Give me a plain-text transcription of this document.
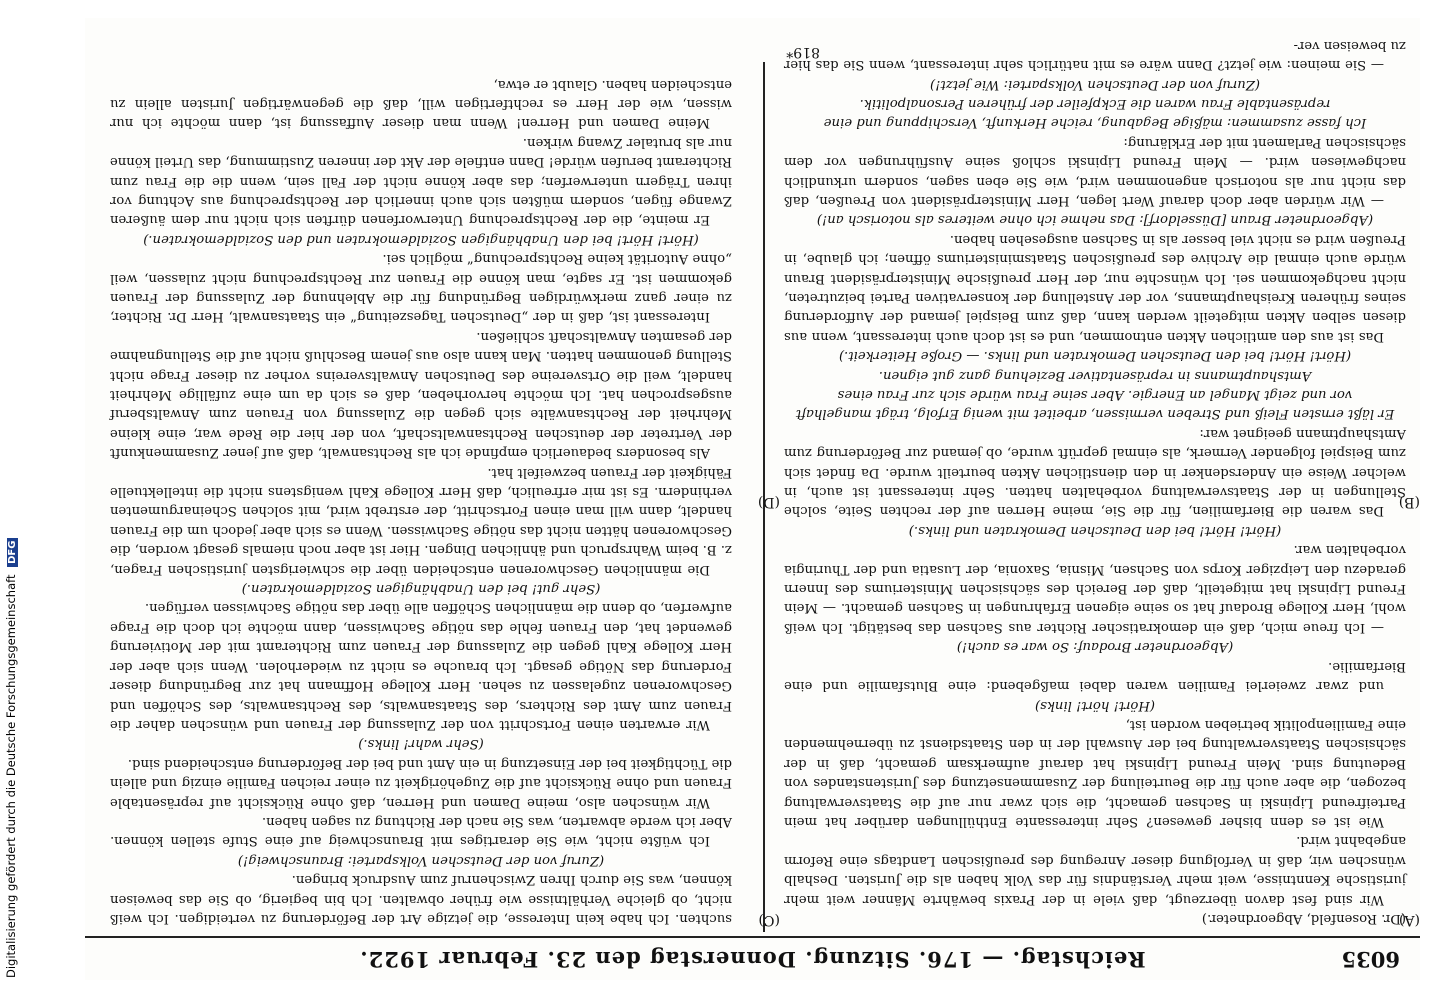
Digitalisierung gefördert durch die Deutsche Forschungsgemeinschaft DFG
Reichstag. — 176. Sitzung. Donnerstag den 23. Februar 1922.	6035

(Dr. Rosenfeld, Abgeordneter.)

Wir sind fest davon überzeugt, daß viele in der Praxis bewährte Männer weit mehr juristische Kenntnisse, weit mehr Verständnis für das Volk haben als die Juristen. Deshalb wünschen wir, daß in Verfolgung dieser Anregung des preußischen Landtags eine Reform angebahnt wird.

Wie ist es denn bisher gewesen? Sehr interessante Enthüllungen darüber hat mein Parteifreund Lipinski in Sachsen gemacht, die sich zwar nur auf die Staatsverwaltung bezogen, die aber auch für die Beurteilung der Zusammensetzung des Juristenstandes von Bedeutung sind. Mein Freund Lipinski hat darauf aufmerksam gemacht, daß in der sächsischen Staatsverwaltung bei der Auswahl der in den Staatsdienst zu übernehmenden eine Familienpolitik betrieben worden ist,

(Hört! hört! links)

und zwar zweierlei Familien waren dabei maßgebend: eine Blutsfamilie und eine Bierfamilie.

(Abgeordneter Brodauf: So war es auch!)

— Ich freue mich, daß ein demokratischer Richter aus Sachsen das bestätigt. Ich weiß wohl, Herr Kollege Brodauf hat so seine eigenen Erfahrungen in Sachsen gemacht. — Mein Freund Lipinski hat mitgeteilt, daß der Bereich des sächsischen Ministeriums des Innern geradezu den Leipziger Korps von Sachsen, Misnia, Saxonia, der Lusatia und der Thuringia vorbehalten war.

(Hört! Hört! bei den Deutschen Demokraten und links.)

Das waren die Bierfamilien, für die Sie, meine Herren auf der rechten Seite, solche Stellungen in der Staatsverwaltung vorbehalten hatten. Sehr interessant ist auch, in welcher Weise ein Andersdenker in den dienstlichen Akten beurteilt wurde. Da findet sich zum Beispiel folgender Vermerk, als einmal geprüft wurde, ob jemand zur Beförderung zum Amtshauptmann geeignet war:

Er läßt ernsten Fleiß und Streben vermissen, arbeitet mit wenig Erfolg, trägt mangelhaft vor und zeigt Mangel an Energie. Aber seine Frau würde sich zur Frau eines Amtshauptmanns in repräsentativer Beziehung ganz gut eignen.

(Hört! Hört! bei den Deutschen Demokraten und links. — Große Heiterkeit.)

Das ist aus den amtlichen Akten entnommen, und es ist doch auch interessant, wenn aus diesen selben Akten mitgeteilt werden kann, daß zum Beispiel jemand der Aufforderung seines früheren Kreishauptmanns, vor der Anstellung der konservativen Partei beizutreten, nicht nachgekommen sei. Ich wünschte nur, der Herr preußische Ministerpräsident Braun würde auch einmal die Archive des preußischen Staatsministeriums öffnen; ich glaube, in Preußen wird es nicht viel besser als in Sachsen ausgesehen haben.

(Abgeordneter Braun [Düsseldorf]: Das nehme ich ohne weiteres als notorisch an!)

— Wir würden aber doch darauf Wert legen, Herr Ministerpräsident von Preußen, daß das nicht nur als notorisch angenommen wird, wie Sie eben sagen, sondern urkundlich nachgewiesen wird. — Mein Freund Lipinski schloß seine Ausführungen vor dem sächsischen Parlament mit der Erklärung:

Ich fasse zusammen: mäßige Begabung, reiche Herkunft, Verschippung und eine repräsentable Frau waren die Eckpfeiler der früheren Personalpolitik.

(Zuruf von der Deutschen Volkspartei: Wie jetzt!)

— Sie meinen: wie jetzt? Dann wäre es mit natürlich sehr interessant, wenn Sie das hier zu beweisen ver-

suchten. Ich habe kein Interesse, die jetzige Art der Beförderung zu verteidigen. Ich weiß nicht, ob gleiche Verhältnisse wie früher obwalten. Ich bin begierig, ob Sie das beweisen können, was Sie durch Ihren Zwischenruf zum Ausdruck bringen.

(Zuruf von der Deutschen Volkspartei: Braunschweig!)

Ich wüßte nicht, wie Sie derartiges mit Braunschweig auf eine Stufe stellen können. Aber ich werde abwarten, was Sie nach der Richtung zu sagen haben.

Wir wünschen also, meine Damen und Herren, daß ohne Rücksicht auf repräsentable Frauen und ohne Rücksicht auf die Zugehörigkeit zu einer reichen Familie einzig und allein die Tüchtigkeit bei der Einsetzung in ein Amt und bei der Beförderung entscheidend sind.

(Sehr wahr! links.)

Wir erwarten einen Fortschritt von der Zulassung der Frauen und wünschen daher die Frauen zum Amt des Richters, des Staatsanwalts, des Rechtsanwalts, des Schöffen und Geschworenen zugelassen zu sehen. Herr Kollege Hoffmann hat zur Begründung dieser Forderung das Nötige gesagt. Ich brauche es nicht zu wiederholen. Wenn sich aber der Herr Kollege Kahl gegen die Zulassung der Frauen zum Richteramt mit der Motivierung gewendet hat, den Frauen fehle das nötige Sachwissen, dann möchte ich doch die Frage aufwerfen, ob denn die männlichen Schöffen alle über das nötige Sachwissen verfügen.

(Sehr gut! bei den Unabhängigen Sozialdemokraten.)

Die männlichen Geschworenen entscheiden über die schwierigsten juristischen Fragen, z. B. beim Wahrspruch und ähnlichen Dingen. Hier ist aber noch niemals gesagt worden, die Geschworenen hätten nicht das nötige Sachwissen. Wenn es sich aber jedoch um die Frauen handelt, dann will man einen Fortschritt, der erstrebt wird, mit solchen Scheinargumenten verhindern. Es ist mir erfreulich, daß Herr Kollege Kahl wenigstens nicht die intellektuelle Fähigkeit der Frauen bezweifelt hat.

Als besonders bedauerlich empfinde ich als Rechtsanwalt, daß auf jener Zusammenkunft der Vertreter der deutschen Rechtsanwaltschaft, von der hier die Rede war, eine kleine Mehrheit der Rechtsanwälte sich gegen die Zulassung von Frauen zum Anwaltsberuf ausgesprochen hat. Ich möchte hervorheben, daß es sich da um eine zufällige Mehrheit handelt, weil die Ortsvereine des Deutschen Anwaltsvereins vorher zu dieser Frage nicht Stellung genommen hatten. Man kann also aus jenem Beschluß nicht auf die Stellungnahme der gesamten Anwaltschaft schließen.

Interessant ist, daß in der „Deutschen Tageszeitung“ ein Staatsanwalt, Herr Dr. Richter, zu einer ganz merkwürdigen Begründung für die Ablehnung der Zulassung der Frauen gekommen ist. Er sagte, man könne die Frauen zur Rechtsprechung nicht zulassen, weil „ohne Autorität keine Rechtsprechung“ möglich sei.

(Hört! Hört! bei den Unabhängigen Sozialdemokraten und den Sozialdemokraten.)

Er meinte, die der Rechtsprechung Unterworfenen dürften sich nicht nur dem äußeren Zwange fügen, sondern müßten sich auch innerlich der Rechtsprechung aus Achtung vor ihren Trägern unterwerfen; das aber könne nicht der Fall sein, wenn die die Frau zum Richteramt berufen würde! Dann entfiele der Akt der inneren Zustimmung, das Urteil könne nur als brutaler Zwang wirken.

Meine Damen und Herren! Wenn man dieser Auffassung ist, dann möchte ich nur wissen, wie der Herr es rechtfertigen will, daß die gegenwärtigen Juristen allein zu entscheiden haben. Glaubt er etwa,

(A)
(B)
(C)
(D)
819*
